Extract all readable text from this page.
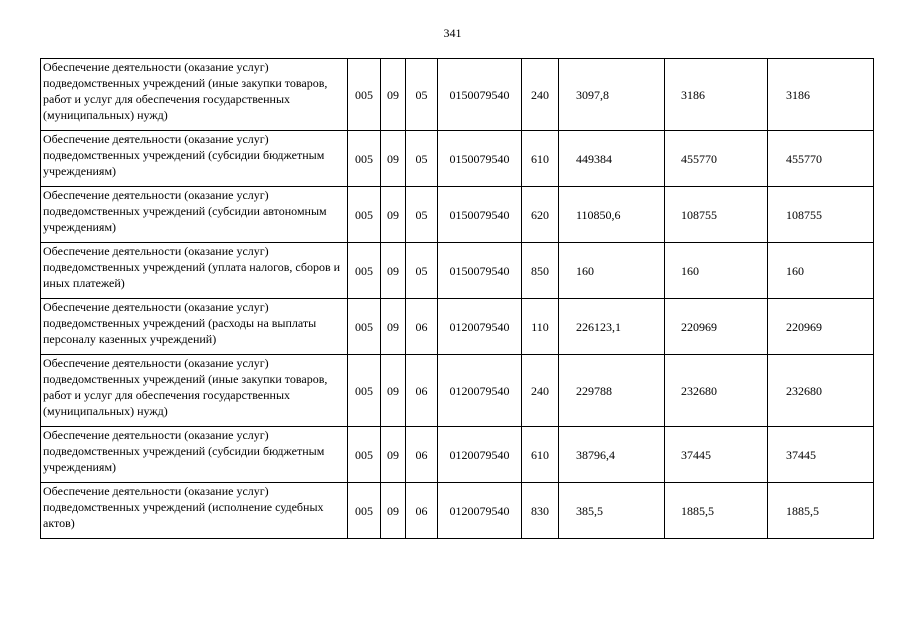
341
Обеспечение деятельности (оказание услуг) подведомственных учреждений (иные закупки товаров, работ и услуг для обеспечения государственных (муниципальных) нужд)	005	09	05	0150079540	240	3097,8	3186	3186
Обеспечение деятельности (оказание услуг) подведомственных учреждений (субсидии бюджетным учреждениям)	005	09	05	0150079540	610	449384	455770	455770
Обеспечение деятельности (оказание услуг) подведомственных учреждений (субсидии автономным учреждениям)	005	09	05	0150079540	620	110850,6	108755	108755
Обеспечение деятельности (оказание услуг) подведомственных учреждений (уплата налогов, сборов и иных платежей)	005	09	05	0150079540	850	160	160	160
Обеспечение деятельности (оказание услуг) подведомственных учреждений (расходы на выплаты персоналу казенных учреждений)	005	09	06	0120079540	110	226123,1	220969	220969
Обеспечение деятельности (оказание услуг) подведомственных учреждений (иные закупки товаров, работ и услуг для обеспечения государственных (муниципальных) нужд)	005	09	06	0120079540	240	229788	232680	232680
Обеспечение деятельности (оказание услуг) подведомственных учреждений (субсидии бюджетным учреждениям)	005	09	06	0120079540	610	38796,4	37445	37445
Обеспечение деятельности (оказание услуг) подведомственных учреждений (исполнение судебных актов)	005	09	06	0120079540	830	385,5	1885,5	1885,5
